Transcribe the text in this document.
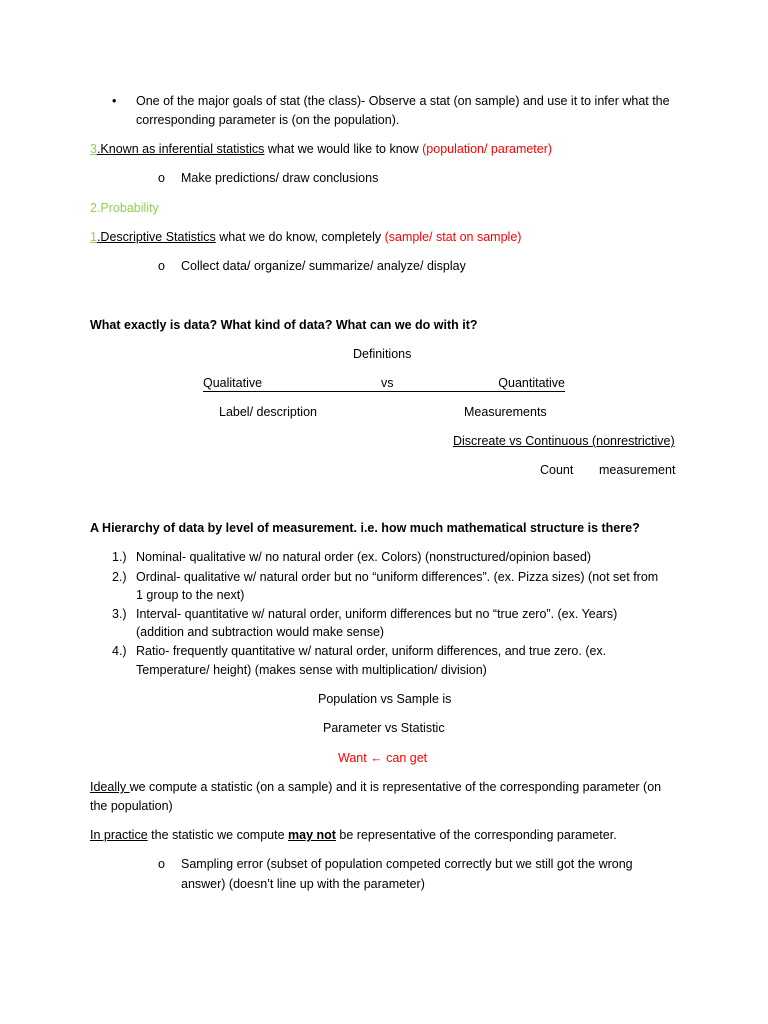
• One of the major goals of stat (the class)- Observe a stat (on sample) and use it to infer what the
corresponding parameter is (on the population).
3.Known as inferential statistics what we would like to know (population/ parameter)
o Make predictions/ draw conclusions
2.Probability
1.Descriptive Statistics what we do know, completely (sample/ stat on sample)
o Collect data/ organize/ summarize/ analyze/ display
What exactly is data? What kind of data? What can we do with it?
Definitions
Qualitative	vs	Quantitative
Label/ description	Measurements
Discreate vs Continuous (nonrestrictive)
Count measurement
A Hierarchy of data by level of measurement. i.e. how much mathematical structure is there?
1.) Nominal- qualitative w/ no natural order (ex. Colors) (nonstructured/opinion based)
2.) Ordinal- qualitative w/ natural order but no “uniform differences”. (ex. Pizza sizes) (not set from
1 group to the next)
3.) Interval- quantitative w/ natural order, uniform differences but no “true zero”. (ex. Years)
(addition and subtraction would make sense)
4.) Ratio- frequently quantitative w/ natural order, uniform differences, and true zero. (ex.
Temperature/ height) (makes sense with multiplication/ division)
Population vs Sample is
Parameter vs Statistic
Want ← can get
Ideally we compute a statistic (on a sample) and it is representative of the corresponding parameter (on
the population)
In practice the statistic we compute may not be representative of the corresponding parameter.
o Sampling error (subset of population competed correctly but we still got the wrong
answer) (doesn’t line up with the parameter)
